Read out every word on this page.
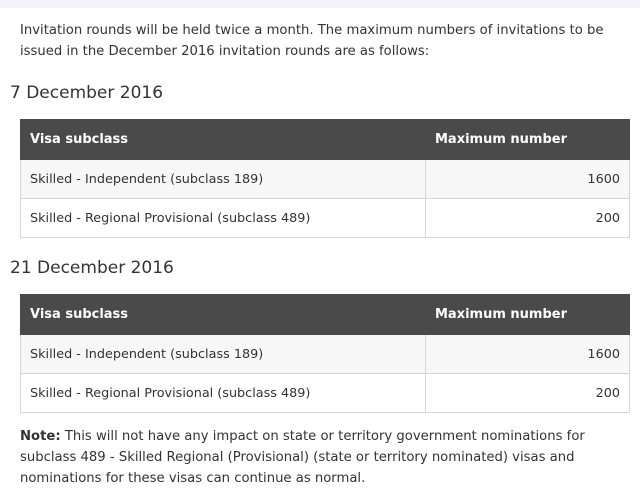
Invitation rounds will be held twice a month. The maximum numbers of invitations to be issued in the December 2016 invitation rounds are as follows:

7 December 2016
Visa subclass	Maximum number
Skilled - Independent (subclass 189)	1600
Skilled - Regional Provisional (subclass 489)	200
21 December 2016
Visa subclass	Maximum number
Skilled - Independent (subclass 189)	1600
Skilled - Regional Provisional (subclass 489)	200

Note: This will not have any impact on state or territory government nominations for subclass 489 - Skilled Regional (Provisional) (state or territory nominated) visas and nominations for these visas can continue as normal.
